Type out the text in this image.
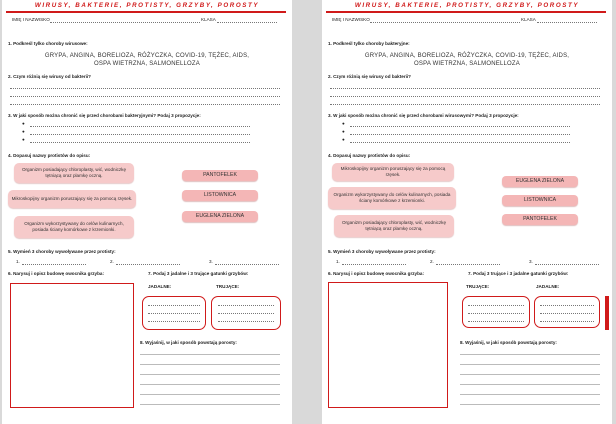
WIRUSY, BAKTERIE, PROTISTY, GRZYBY, POROSTY
IMIĘ I NAZWISKO	KLASA
1. Podkreśl tylko choroby wirusowe:
GRYPA, ANGINA, BORELIOZA, RÓŻYCZKA, COVID-19, TĘŻEC, AIDS,
OSPA WIETRZNA, SALMONELLOZA
2. Czym różnią się wirusy od bakterii?
3. W jaki sposób można chronić się przed chorobami bakteryjnymi? Podaj 3 propozycje:
●
●
●
4. Dopasuj nazwy protistów do opisu:
Organizm posiadający chloroplasty, wić, wodniczkę tętniącą oraz plamkę oczną.
Mikroskopijny organizm poruszający się za pomocą rzęsek.
Organizm wykorzystywany do celów kulinarnych, posiada ściany komórkowe z krzemionki.
PANTOFELEK
LISTOWNICA
EUGLENA ZIELONA
5. Wymień 3 choroby wywoływane przez protisty:
1.	2.	3.
6. Narysuj i opisz budowę owocnika grzyba:	7. Podaj 3 jadalne i 3 trujące gatunki grzybów:
JADALNE:	TRUJĄCE:
8. Wyjaśnij, w jaki sposób powstają porosty:
WIRUSY, BAKTERIE, PROTISTY, GRZYBY, POROSTY
IMIĘ I NAZWISKO	KLASA
1. Podkreśl tylko choroby bakteryjne:
GRYPA, ANGINA, BORELIOZA, RÓŻYCZKA, COVID-19, TĘŻEC, AIDS,
OSPA WIETRZNA, SALMONELLOZA
2. Czym różnią się wirusy od bakterii?
3. W jaki sposób można chronić się przed chorobami wirusowymi? Podaj 3 propozycje:
●
●
●
4. Dopasuj nazwy protistów do opisu:
Mikroskopijny organizm poruszający się za pomocą rzęsek.
Organizm wykorzystywany do celów kulinarnych, posiada ściany komórkowe z krzemionki.
Organizm posiadający chloroplasty, wić, wodniczkę tętniącą oraz plamkę oczną.
EUGLENA ZIELONA
LISTOWNICA
PANTOFELEK
5. Wymień 3 choroby wywoływane przez protisty:
1.	2.	3.
6. Narysuj i opisz budowę owocnika grzyba:	7. Podaj 3 trujące i 3 jadalne gatunki grzybów:
TRUJĄCE:	JADALNE:
8. Wyjaśnij, w jaki sposób powstają porosty:
